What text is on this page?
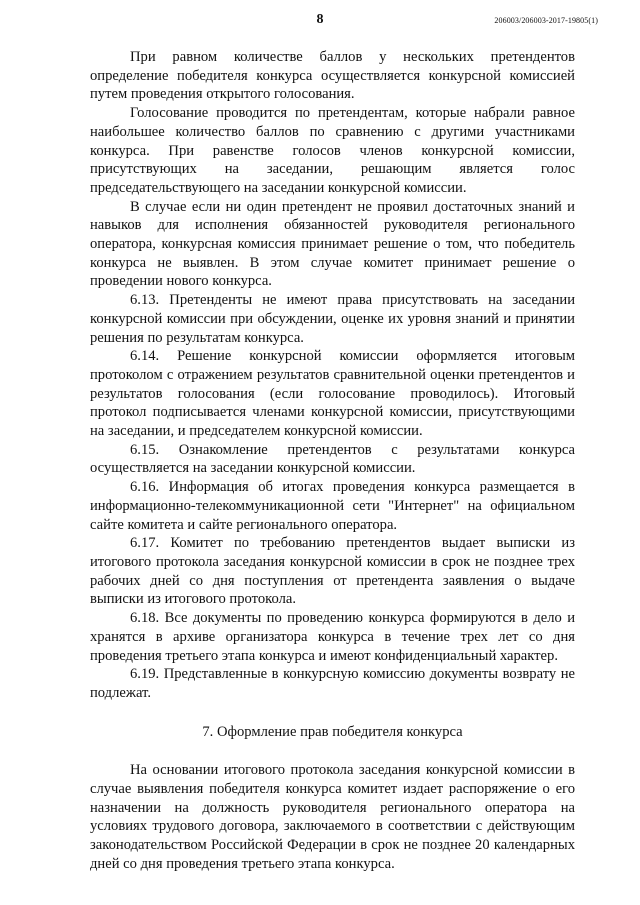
8	206003/206003-2017-19805(1)

При равном количестве баллов у нескольких претендентов определение победителя конкурса осуществляется конкурсной комиссией путем проведения открытого голосования.

Голосование проводится по претендентам, которые набрали равное наибольшее количество баллов по сравнению с другими участниками конкурса. При равенстве голосов членов конкурсной комиссии, присутствующих на заседании, решающим является голос председательствующего на заседании конкурсной комиссии.

В случае если ни один претендент не проявил достаточных знаний и навыков для исполнения обязанностей руководителя регионального оператора, конкурсная комиссия принимает решение о том, что победитель конкурса не выявлен. В этом случае комитет принимает решение о проведении нового конкурса.

6.13. Претенденты не имеют права присутствовать на заседании конкурсной комиссии при обсуждении, оценке их уровня знаний и принятии решения по результатам конкурса.

6.14. Решение конкурсной комиссии оформляется итоговым протоколом с отражением результатов сравнительной оценки претендентов и результатов голосования (если голосование проводилось). Итоговый протокол подписывается членами конкурсной комиссии, присутствующими на заседании, и председателем конкурсной комиссии.

6.15. Ознакомление претендентов с результатами конкурса осуществляется на заседании конкурсной комиссии.

6.16. Информация об итогах проведения конкурса размещается в информационно-телекоммуникационной сети "Интернет" на официальном сайте комитета и сайте регионального оператора.

6.17. Комитет по требованию претендентов выдает выписки из итогового протокола заседания конкурсной комиссии в срок не позднее трех рабочих дней со дня поступления от претендента заявления о выдаче выписки из итогового протокола.

6.18. Все документы по проведению конкурса формируются в дело и хранятся в архиве организатора конкурса в течение трех лет со дня проведения третьего этапа конкурса и имеют конфиденциальный характер.

6.19. Представленные в конкурсную комиссию документы возврату не подлежат.

7. Оформление прав победителя конкурса

На основании итогового протокола заседания конкурсной комиссии в случае выявления победителя конкурса комитет издает распоряжение о его назначении на должность руководителя регионального оператора на условиях трудового договора, заключаемого в соответствии с действующим законодательством Российской Федерации в срок не позднее 20 календарных дней со дня проведения третьего этапа конкурса.
